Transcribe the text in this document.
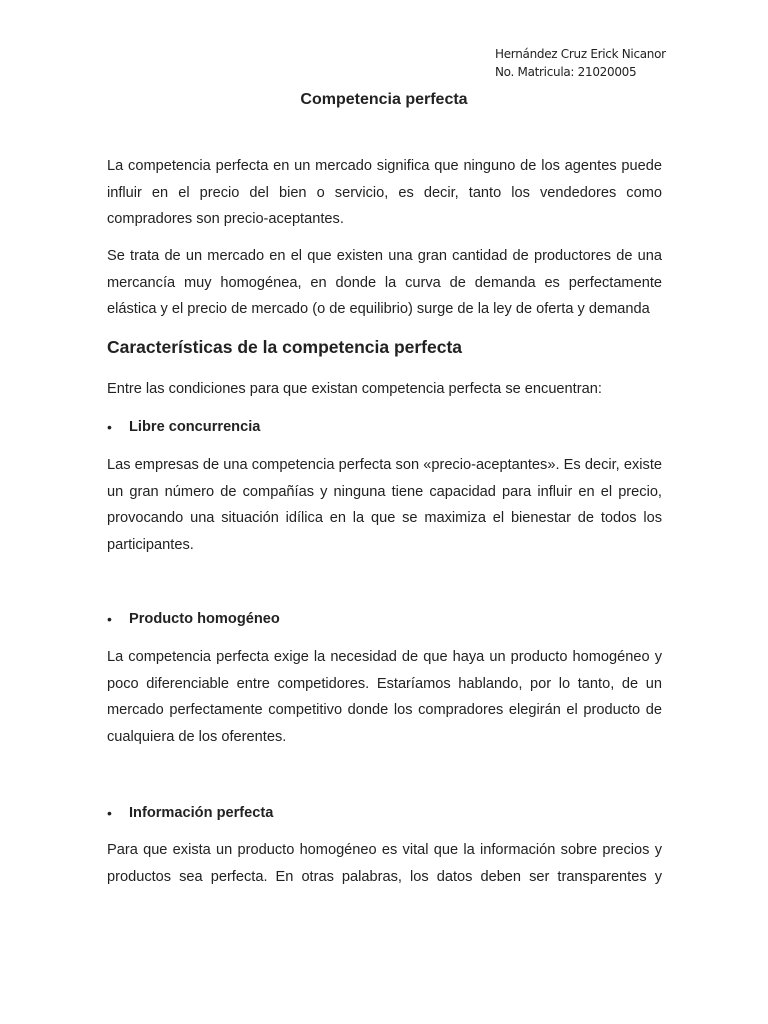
Hernández Cruz Erick Nicanor
No. Matricula: 21020005
Competencia perfecta

La competencia perfecta en un mercado significa que ninguno de los agentes puede influir en el precio del bien o servicio, es decir, tanto los vendedores como compradores son precio-aceptantes.

Se trata de un mercado en el que existen una gran cantidad de productores de una mercancía muy homogénea, en donde la curva de demanda es perfectamente elástica y el precio de mercado (o de equilibrio) surge de la ley de oferta y demanda

Características de la competencia perfecta

Entre las condiciones para que existan competencia perfecta se encuentran:

• Libre concurrencia

Las empresas de una competencia perfecta son «precio-aceptantes». Es decir, existe un gran número de compañías y ninguna tiene capacidad para influir en el precio, provocando una situación idílica en la que se maximiza el bienestar de todos los participantes.

• Producto homogéneo

La competencia perfecta exige la necesidad de que haya un producto homogéneo y poco diferenciable entre competidores. Estaríamos hablando, por lo tanto, de un mercado perfectamente competitivo donde los compradores elegirán el producto de cualquiera de los oferentes.

• Información perfecta

Para que exista un producto homogéneo es vital que la información sobre precios y productos sea perfecta. En otras palabras, los datos deben ser transparentes y
